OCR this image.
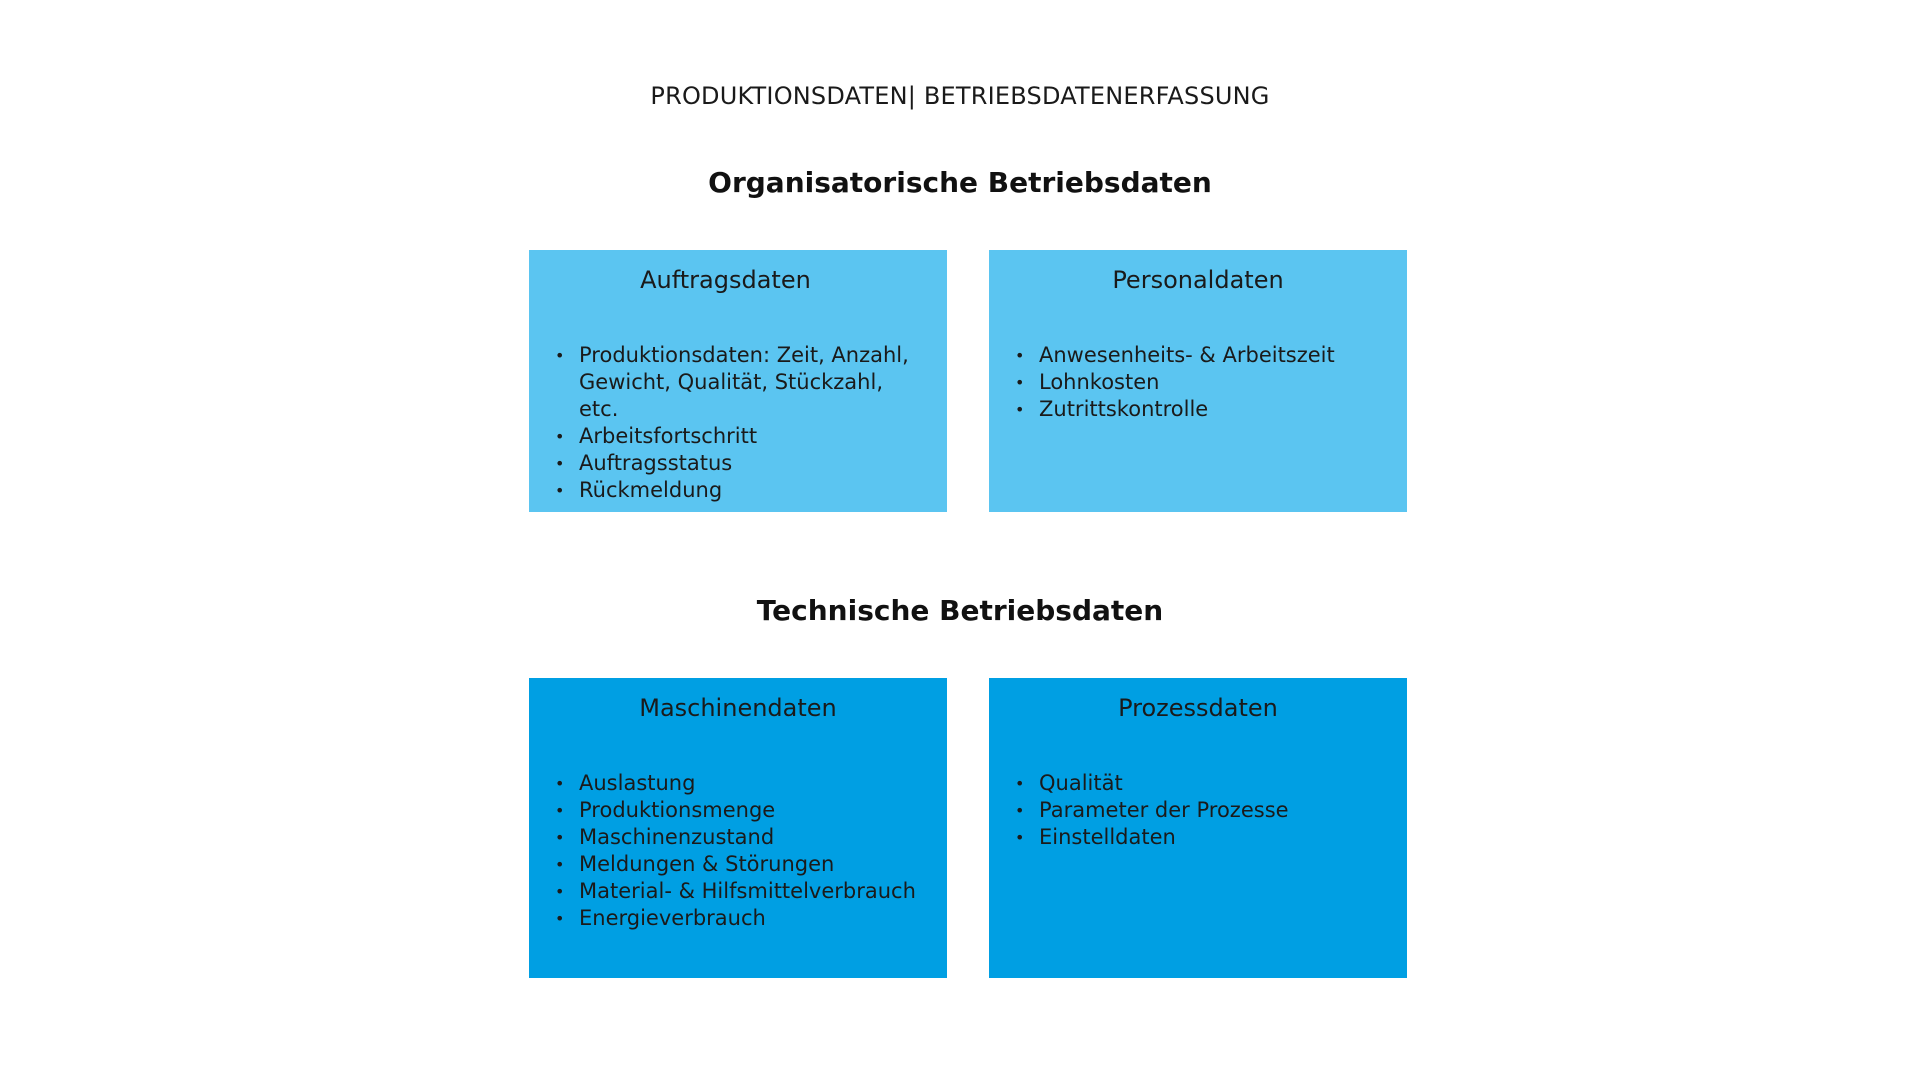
PRODUKTIONSDATEN| BETRIEBSDATENERFASSUNG
Organisatorische Betriebsdaten
Auftragsdaten
• Produktionsdaten: Zeit, Anzahl, Gewicht, Qualität, Stückzahl, etc.
• Arbeitsfortschritt
• Auftragsstatus
• Rückmeldung
Personaldaten
• Anwesenheits- & Arbeitszeit
• Lohnkosten
• Zutrittskontrolle
Technische Betriebsdaten
Maschinendaten
• Auslastung
• Produktionsmenge
• Maschinenzustand
• Meldungen & Störungen
• Material- & Hilfsmittelverbrauch
• Energieverbrauch
Prozessdaten
• Qualität
• Parameter der Prozesse
• Einstelldaten
